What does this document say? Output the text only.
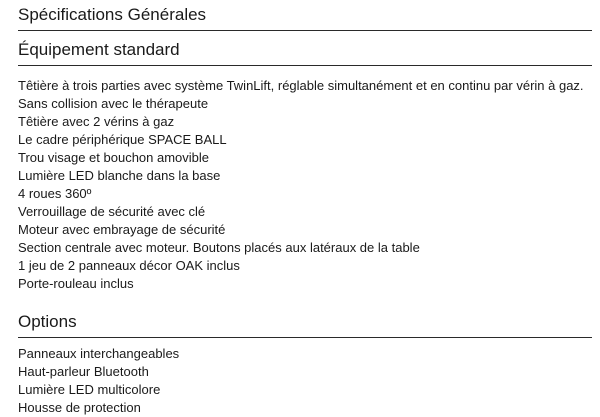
Spécifications Générales
Équipement standard
Têtière à trois parties avec système TwinLift, réglable simultanément et en continu par vérin à gaz. Sans collision avec le thérapeute
Têtière avec 2 vérins à gaz
Le cadre périphérique SPACE BALL
Trou visage et bouchon amovible
Lumière LED blanche dans la base
4 roues 360º
Verrouillage de sécurité avec clé
Moteur avec embrayage de sécurité
Section centrale avec moteur. Boutons placés aux latéraux de la table
1 jeu de 2 panneaux décor OAK inclus
Porte-rouleau inclus
Options
Panneaux interchangeables
Haut-parleur Bluetooth
Lumière LED multicolore
Housse de protection
